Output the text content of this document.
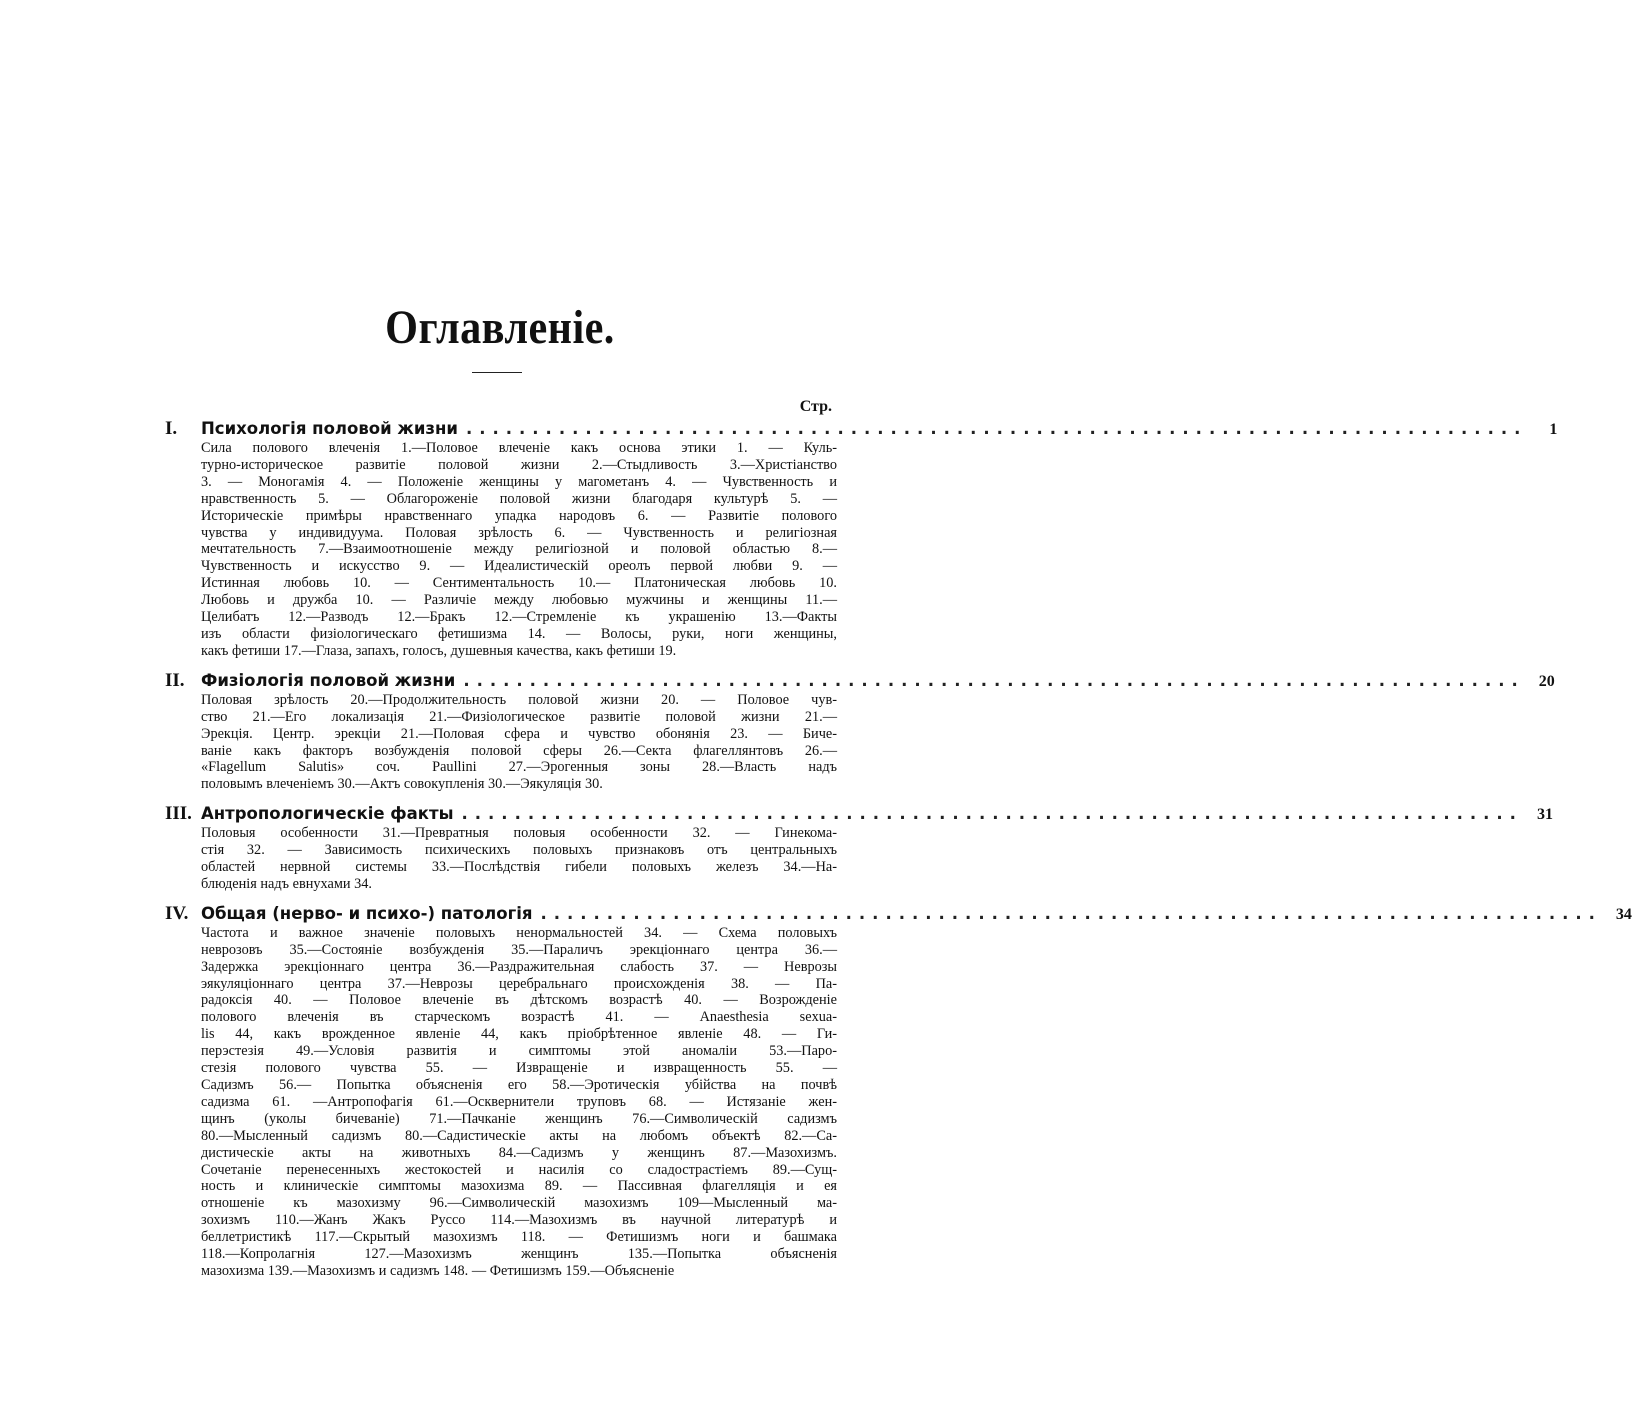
Оглавленіе.
Стр.
I.	Психологія половой жизни ................................................................................	1
Сила полового влеченія 1.—Половое влеченіе какъ основа этики 1. — Куль-
турно-историческое развитіе половой жизни 2.—Стыдливость 3.—Христіанство
3. — Моногамія 4. — Положеніе женщины у магометанъ 4. — Чувственность и
нравственность 5. — Облагороженіе половой жизни благодаря культурѣ 5. —
Историческіе примѣры нравственнаго упадка народовъ 6. — Развитіе полового
чувства у индивидуума. Половая зрѣлость 6. — Чувственность и религіозная
мечтательность 7.—Взаимоотношеніе между религіозной и половой областью 8.—
Чувственность и искусство 9. — Идеалистическій ореолъ первой любви 9. —
Истинная любовь 10. — Сентиментальность 10.— Платоническая любовь 10.
Любовь и дружба 10. — Различіе между любовью мужчины и женщины 11.—
Целибатъ 12.—Разводъ 12.—Бракъ 12.—Стремленіе къ украшенію 13.—Факты
изъ области физіологическаго фетишизма 14. — Волосы, руки, ноги женщины,
какъ фетиши 17.—Глаза, запахъ, голосъ, душевныя качества, какъ фетиши 19.
II. Физіологія половой жизни ................................................................................ 20
Половая зрѣлость 20.—Продолжительность половой жизни 20. — Половое чув-
ство 21.—Его локализація 21.—Физіологическое развитіе половой жизни 21.—
Эрекція. Центр. эрекціи 21.—Половая сфера и чувство обонянія 23. — Бичe-
ваніе какъ факторъ возбужденія половой сферы 26.—Секта флагеллянтовъ 26.—
«Flagellum Salutis» соч. Paullini 27.—Эрогенныя зоны 28.—Власть надъ
половымъ влеченіемъ 30.—Актъ совокупленія 30.—Эякуляція 30.
III. Антропологическіе факты ................................................................................ 31
Половыя особенности 31.—Превратныя половыя особенности 32. — Гинекома-
стія 32. — Зависимость психическихъ половыхъ признаковъ отъ центральныхъ
областей нервной системы 33.—Послѣдствія гибели половыхъ железъ 34.—На-
блюденія надъ евнухами 34.
IV. Общая (нерво- и психо-) патологія ................................................................................ 34
Частота и важное значеніе половыхъ ненормальностей 34. — Схема половыхъ
неврозовъ 35.—Состояніе возбужденія 35.—Параличъ эрекціоннаго центра 36.—
Задержка эрекціоннаго центра 36.—Раздражительная слабость 37. — Неврозы
эякуляціоннаго центра 37.—Неврозы церебральнаго происхожденія 38. — Па-
радоксія 40. — Половое влеченіе въ дѣтскомъ возрастѣ 40. — Возрожденіе
полового влеченія въ старческомъ возрастѣ 41. — Anaesthesia sexua-
lis 44, какъ врожденное явленіе 44, какъ пріобрѣтенное явленіе 48. — Ги-
перэстезія 49.—Условія развитія и симптомы этой аномаліи 53.—Паро-
стезія полового чувства 55. — Извращеніе и извращенность 55. —
Садизмъ 56.— Попытка объясненія его 58.—Эротическія убійства на почвѣ
садизма 61. —Антропофагія 61.—Осквернители труповъ 68. — Истязаніе жен-
щинъ (уколы бичеваніе) 71.—Пачканіе женщинъ 76.—Символическій садизмъ
80.—Мысленный садизмъ 80.—Садистическіе акты на любомъ объектѣ 82.—Са-
дистическіе акты на животныхъ 84.—Садизмъ у женщинъ 87.—Мазохизмъ.
Сочетаніе перенесенныхъ жестокостей и насилія со сладострастіемъ 89.—Сущ-
ность и клиническіе симптомы мазохизма 89. — Пассивная флагелляція и ея
отношеніе къ мазохизму 96.—Символическій мазохизмъ 109—Мысленный ма-
зохизмъ 110.—Жанъ Жакъ Руссо 114.—Мазохизмъ въ научной литературѣ и
беллетристикѣ 117.—Скрытый мазохизмъ 118. — Фетишизмъ ноги и башмака
118.—Копролагнія 127.—Мазохизмъ женщинъ 135.—Попытка объясненія
мазохизма 139.—Мазохизмъ и садизмъ 148. — Фетишизмъ 159.—Объясненіе
